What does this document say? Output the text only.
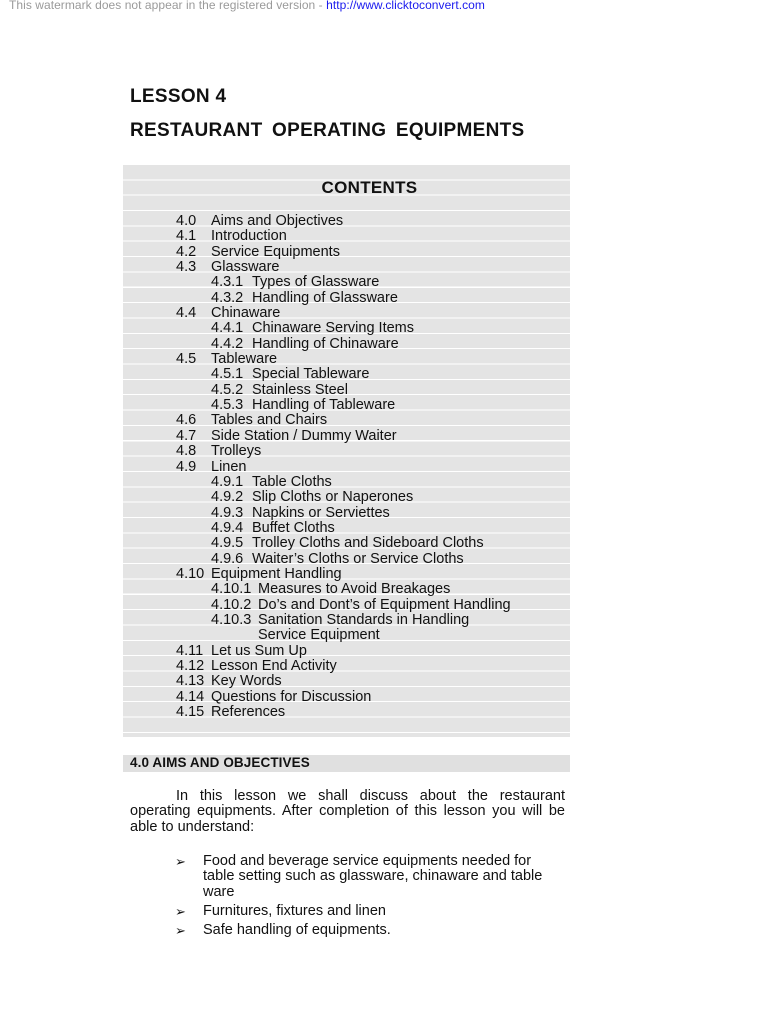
This watermark does not appear in the registered version - http://www.clicktoconvert.com
LESSON 4
RESTAURANT OPERATING EQUIPMENTS
CONTENTS
4.0 Aims and Objectives
4.1 Introduction
4.2 Service Equipments
4.3 Glassware
4.3.1 Types of Glassware
4.3.2 Handling of Glassware
4.4 Chinaware
4.4.1 Chinaware Serving Items
4.4.2 Handling of Chinaware
4.5 Tableware
4.5.1 Special Tableware
4.5.2 Stainless Steel
4.5.3 Handling of Tableware
4.6 Tables and Chairs
4.7 Side Station / Dummy Waiter
4.8 Trolleys
4.9 Linen
4.9.1 Table Cloths
4.9.2 Slip Cloths or Naperones
4.9.3 Napkins or Serviettes
4.9.4 Buffet Cloths
4.9.5 Trolley Cloths and Sideboard Cloths
4.9.6 Waiter’s Cloths or Service Cloths
4.10 Equipment Handling
4.10.1 Measures to Avoid Breakages
4.10.2 Do’s and Dont’s of Equipment Handling
4.10.3 Sanitation Standards in Handling
Service Equipment
4.11 Let us Sum Up
4.12 Lesson End Activity
4.13 Key Words
4.14 Questions for Discussion
4.15 References
4.0 AIMS AND OBJECTIVES

In this lesson we shall discuss about the restaurant operating equipments. After completion of this lesson you will be able to understand:

➢ Food and beverage service equipments needed for table setting such as glassware, chinaware and table ware
➢ Furnitures, fixtures and linen
➢ Safe handling of equipments.
